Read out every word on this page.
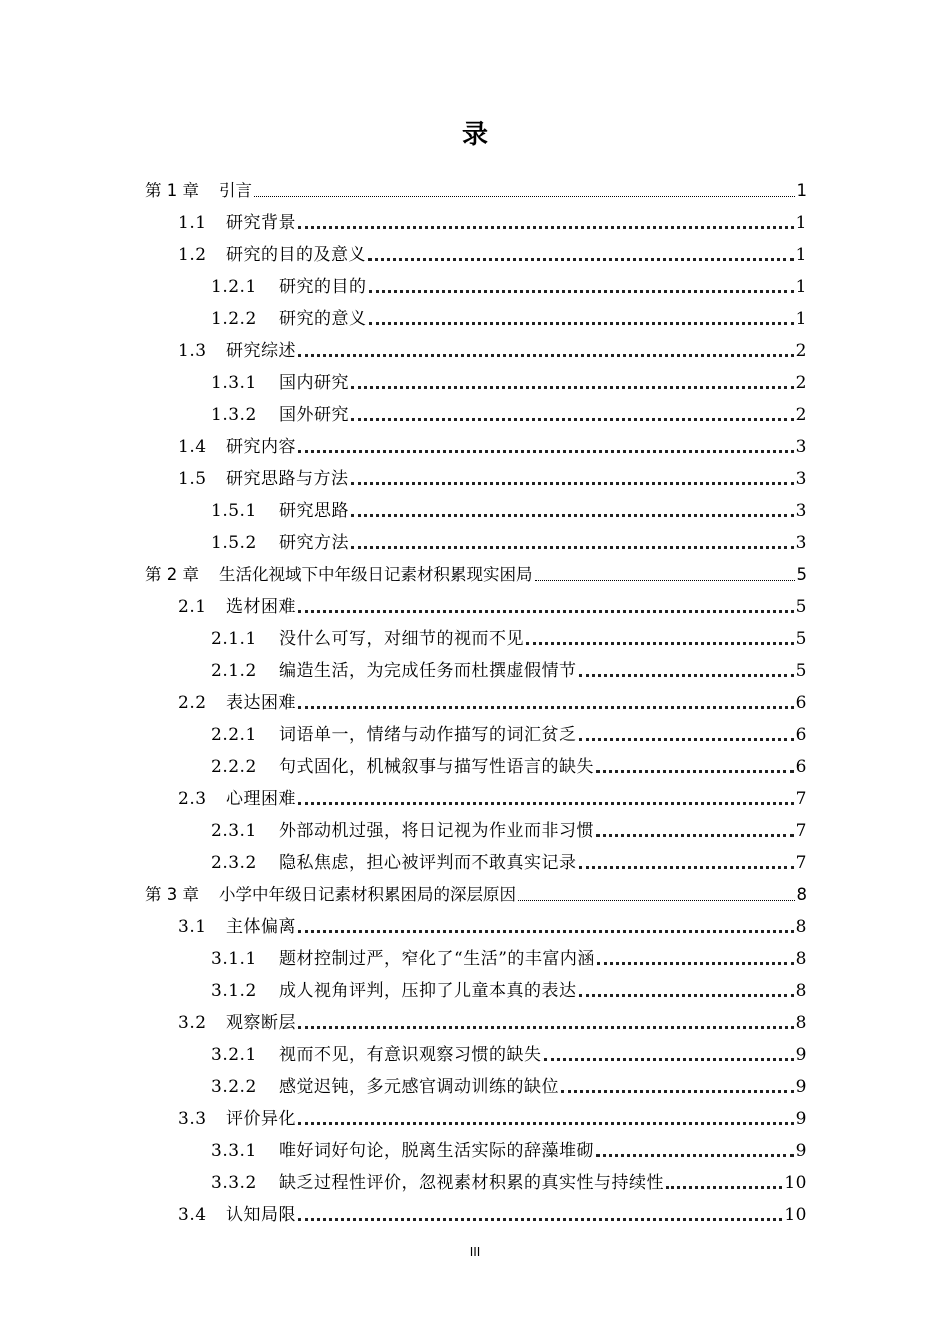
录
第 1 章	引言	1
1.1	研究背景	1
1.2	研究的目的及意义	1
1.2.1	研究的目的	1
1.2.2	研究的意义	1
1.3	研究综述	2
1.3.1	国内研究	2
1.3.2	国外研究	2
1.4	研究内容	3
1.5	研究思路与方法	3
1.5.1	研究思路	3
1.5.2	研究方法	3
第 2 章	生活化视域下中年级日记素材积累现实困局	5
2.1	选材困难	5
2.1.1	没什么可写，对细节的视而不见	5
2.1.2	编造生活，为完成任务而杜撰虚假情节	5
2.2	表达困难	6
2.2.1	词语单一，情绪与动作描写的词汇贫乏	6
2.2.2	句式固化，机械叙事与描写性语言的缺失	6
2.3	心理困难	7
2.3.1	外部动机过强，将日记视为作业而非习惯	7
2.3.2	隐私焦虑，担心被评判而不敢真实记录	7
第 3 章	小学中年级日记素材积累困局的深层原因	8
3.1	主体偏离	8
3.1.1	题材控制过严，窄化了“生活”的丰富内涵	8
3.1.2	成人视角评判，压抑了儿童本真的表达	8
3.2	观察断层	8
3.2.1	视而不见，有意识观察习惯的缺失	9
3.2.2	感觉迟钝，多元感官调动训练的缺位	9
3.3	评价异化	9
3.3.1	唯好词好句论，脱离生活实际的辞藻堆砌	9
3.3.2	缺乏过程性评价，忽视素材积累的真实性与持续性	10
3.4	认知局限	10
III
